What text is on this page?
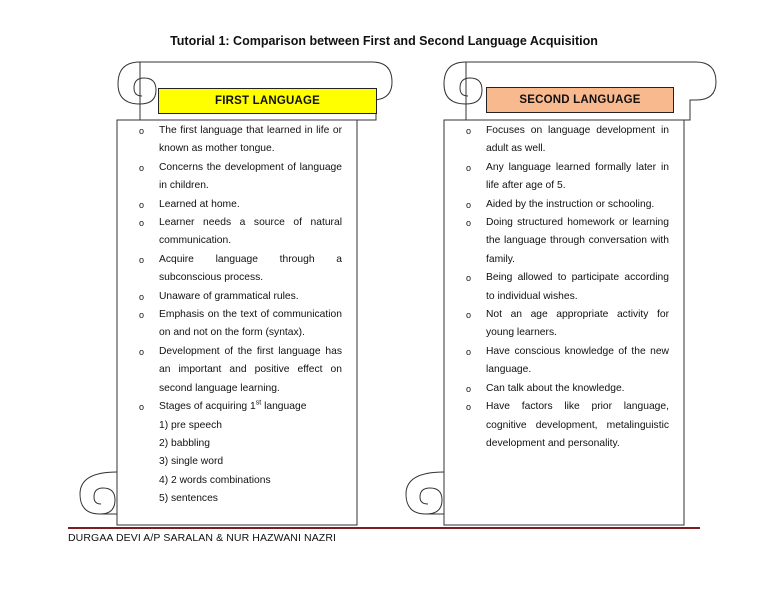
Tutorial 1: Comparison between First and Second Language Acquisition
FIRST LANGUAGE	SECOND LANGUAGE
o The first language that learned in life or known as mother tongue.
o Concerns the development of language in children.
o Learned at home.
o Learner needs a source of natural communication.
o Acquire language through a subconscious process.
o Unaware of grammatical rules.
o Emphasis on the text of communication on and not on the form (syntax).
o Development of the first language has an important and positive effect on second language learning.
o Stages of acquiring 1st language
1) pre speech
2) babbling
3) single word
4) 2 words combinations
5) sentences
o Focuses on language development in adult as well.
o Any language learned formally later in life after age of 5.
o Aided by the instruction or schooling.
o Doing structured homework or learning the language through conversation with family.
o Being allowed to participate according to individual wishes.
o Not an age appropriate activity for young learners.
o Have conscious knowledge of the new language.
o Can talk about the knowledge.
o Have factors like prior language, cognitive development, metalinguistic development and personality.
DURGAA DEVI A/P SARALAN & NUR HAZWANI NAZRI
